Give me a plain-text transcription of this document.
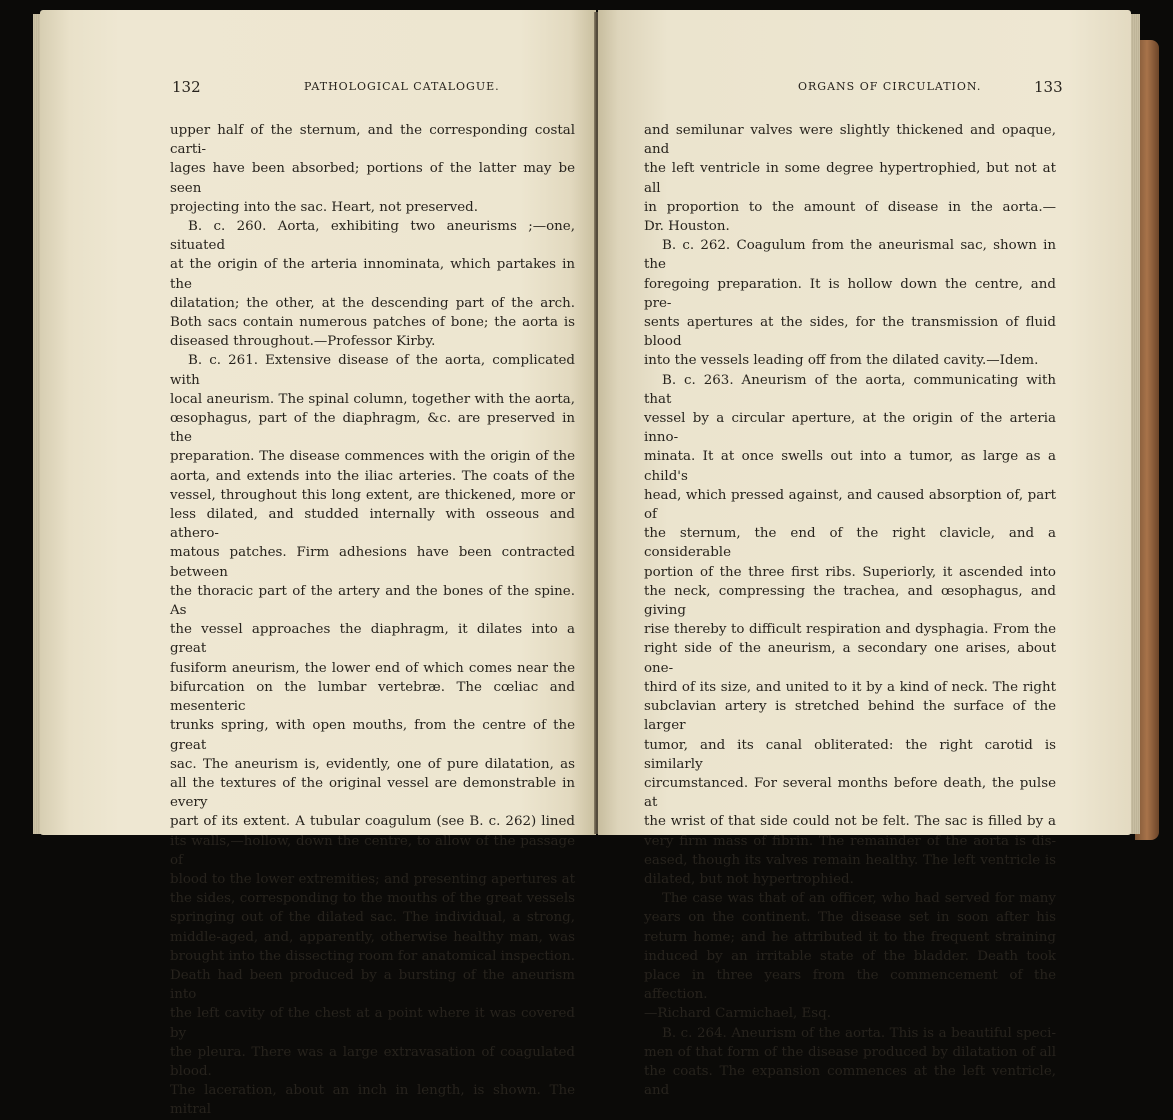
132	PATHOLOGICAL CATALOGUE.
upper half of the sternum, and the corresponding costal carti-
lages have been absorbed; portions of the latter may be seen
projecting into the sac. Heart, not preserved.
B. c. 260. Aorta, exhibiting two aneurisms ;—one, situated
at the origin of the arteria innominata, which partakes in the
dilatation; the other, at the descending part of the arch.
Both sacs contain numerous patches of bone; the aorta is
diseased throughout.—Professor Kirby.
B. c. 261. Extensive disease of the aorta, complicated with
local aneurism. The spinal column, together with the aorta,
œsophagus, part of the diaphragm, &c. are preserved in the
preparation. The disease commences with the origin of the
aorta, and extends into the iliac arteries. The coats of the
vessel, throughout this long extent, are thickened, more or
less dilated, and studded internally with osseous and athero-
matous patches. Firm adhesions have been contracted between
the thoracic part of the artery and the bones of the spine. As
the vessel approaches the diaphragm, it dilates into a great
fusiform aneurism, the lower end of which comes near the
bifurcation on the lumbar vertebræ. The cœliac and mesenteric
trunks spring, with open mouths, from the centre of the great
sac. The aneurism is, evidently, one of pure dilatation, as
all the textures of the original vessel are demonstrable in every
part of its extent. A tubular coagulum (see B. c. 262) lined
its walls,—hollow, down the centre, to allow of the passage of
blood to the lower extremities; and presenting apertures at
the sides, corresponding to the mouths of the great vessels
springing out of the dilated sac. The individual, a strong,
middle-aged, and, apparently, otherwise healthy man, was
brought into the dissecting room for anatomical inspection.
Death had been produced by a bursting of the aneurism into
the left cavity of the chest at a point where it was covered by
the pleura. There was a large extravasation of coagulated blood.
The laceration, about an inch in length, is shown. The mitral
ORGANS OF CIRCULATION.	133
and semilunar valves were slightly thickened and opaque, and
the left ventricle in some degree hypertrophied, but not at all
in proportion to the amount of disease in the aorta.—
Dr. Houston.
B. c. 262. Coagulum from the aneurismal sac, shown in the
foregoing preparation. It is hollow down the centre, and pre-
sents apertures at the sides, for the transmission of fluid blood
into the vessels leading off from the dilated cavity.—Idem.
B. c. 263. Aneurism of the aorta, communicating with that
vessel by a circular aperture, at the origin of the arteria inno-
minata. It at once swells out into a tumor, as large as a child's
head, which pressed against, and caused absorption of, part of
the sternum, the end of the right clavicle, and a considerable
portion of the three first ribs. Superiorly, it ascended into
the neck, compressing the trachea, and œsophagus, and giving
rise thereby to difficult respiration and dysphagia. From the
right side of the aneurism, a secondary one arises, about one-
third of its size, and united to it by a kind of neck. The right
subclavian artery is stretched behind the surface of the larger
tumor, and its canal obliterated: the right carotid is similarly
circumstanced. For several months before death, the pulse at
the wrist of that side could not be felt. The sac is filled by a
very firm mass of fibrin. The remainder of the aorta is dis-
eased, though its valves remain healthy. The left ventricle is
dilated, but not hypertrophied.
The case was that of an officer, who had served for many
years on the continent. The disease set in soon after his
return home; and he attributed it to the frequent straining
induced by an irritable state of the bladder. Death took
place in three years from the commencement of the affection.
—Richard Carmichael, Esq.
B. c. 264. Aneurism of the aorta. This is a beautiful speci-
men of that form of the disease produced by dilatation of all
the coats. The expansion commences at the left ventricle, and
